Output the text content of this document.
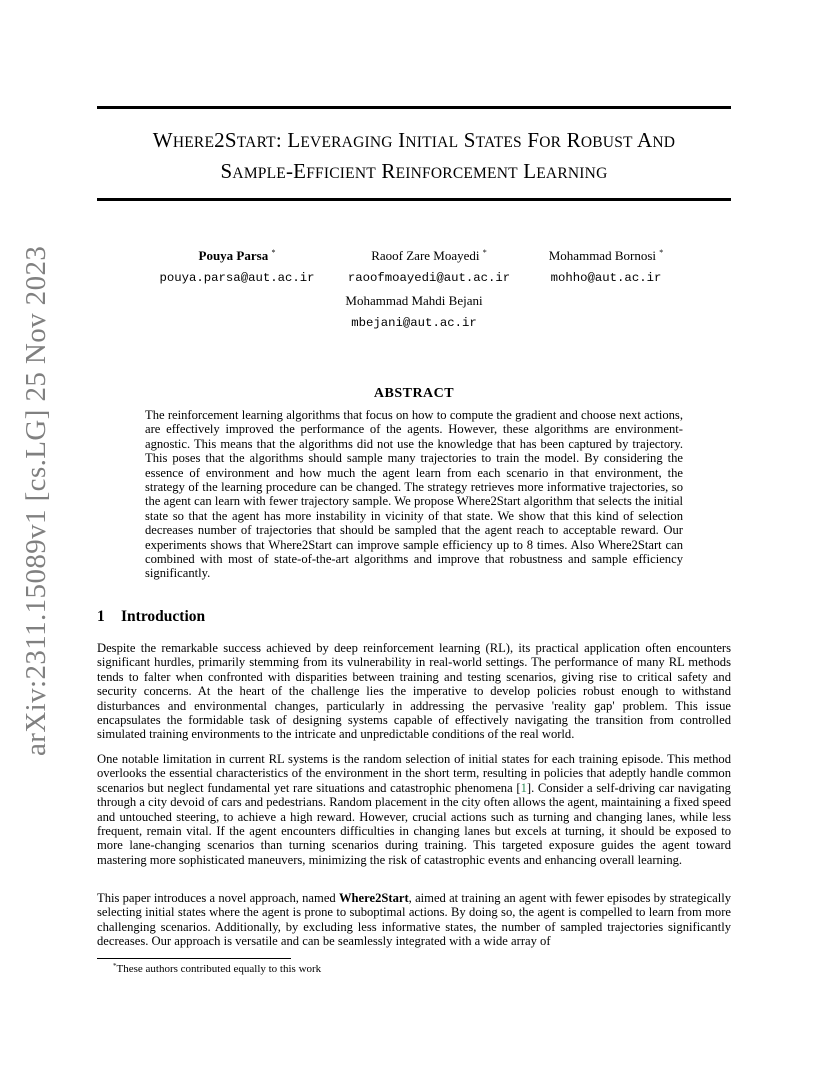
arXiv:2311.15089v1 [cs.LG] 25 Nov 2023
WHERE2START: LEVERAGING INITIAL STATES FOR ROBUST AND
SAMPLE-EFFICIENT REINFORCEMENT LEARNING
Pouya Parsa *
pouya.parsa@aut.ac.ir
Raoof Zare Moayedi *
raoofmoayedi@aut.ac.ir
Mohammad Bornosi *
mohho@aut.ac.ir
Mohammad Mahdi Bejani
mbejani@aut.ac.ir
ABSTRACT
The reinforcement learning algorithms that focus on how to compute the gradient and choose next actions, are effectively improved the performance of the agents. However, these algorithms are environment-agnostic. This means that the algorithms did not use the knowledge that has been captured by trajectory. This poses that the algorithms should sample many trajectories to train the model. By considering the essence of environment and how much the agent learn from each scenario in that environment, the strategy of the learning procedure can be changed. The strategy retrieves more informative trajectories, so the agent can learn with fewer trajectory sample. We propose Where2Start algorithm that selects the initial state so that the agent has more instability in vicinity of that state. We show that this kind of selection decreases number of trajectories that should be sampled that the agent reach to acceptable reward. Our experiments shows that Where2Start can improve sample efficiency up to 8 times. Also Where2Start can combined with most of state-of-the-art algorithms and improve that robustness and sample efficiency significantly.
1 Introduction

Despite the remarkable success achieved by deep reinforcement learning (RL), its practical application often encounters significant hurdles, primarily stemming from its vulnerability in real-world settings. The performance of many RL methods tends to falter when confronted with disparities between training and testing scenarios, giving rise to critical safety and security concerns. At the heart of the challenge lies the imperative to develop policies robust enough to withstand disturbances and environmental changes, particularly in addressing the pervasive 'reality gap' problem. This issue encapsulates the formidable task of designing systems capable of effectively navigating the transition from controlled simulated training environments to the intricate and unpredictable conditions of the real world.

One notable limitation in current RL systems is the random selection of initial states for each training episode. This method overlooks the essential characteristics of the environment in the short term, resulting in policies that adeptly handle common scenarios but neglect fundamental yet rare situations and catastrophic phenomena [1]. Consider a self-driving car navigating through a city devoid of cars and pedestrians. Random placement in the city often allows the agent, maintaining a fixed speed and untouched steering, to achieve a high reward. However, crucial actions such as turning and changing lanes, while less frequent, remain vital. If the agent encounters difficulties in changing lanes but excels at turning, it should be exposed to more lane-changing scenarios than turning scenarios during training. This targeted exposure guides the agent toward mastering more sophisticated maneuvers, minimizing the risk of catastrophic events and enhancing overall learning.

This paper introduces a novel approach, named Where2Start, aimed at training an agent with fewer episodes by strategically selecting initial states where the agent is prone to suboptimal actions. By doing so, the agent is compelled to learn from more challenging scenarios. Additionally, by excluding less informative states, the number of sampled trajectories significantly decreases. Our approach is versatile and can be seamlessly integrated with a wide array of

*These authors contributed equally to this work
